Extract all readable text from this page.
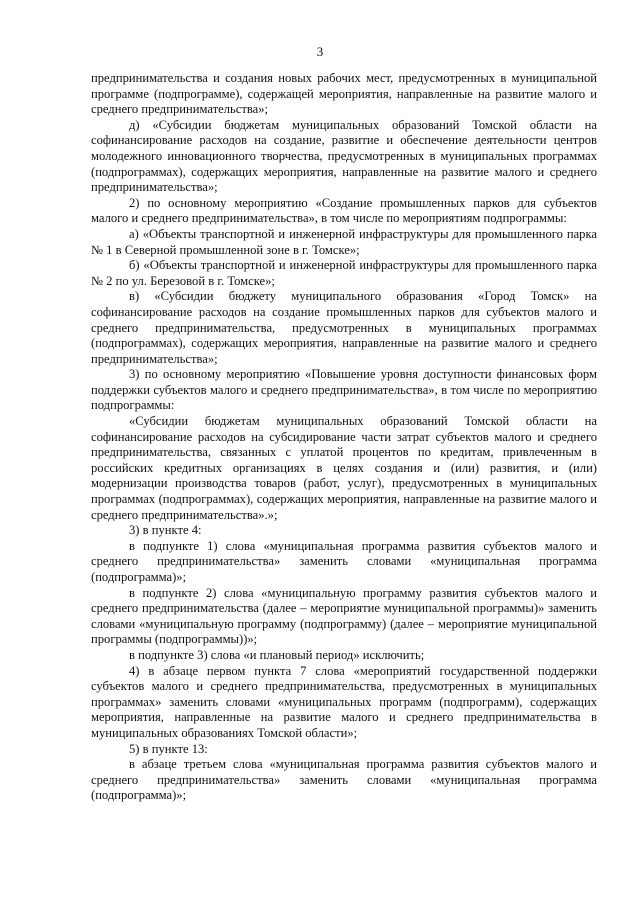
3

предпринимательства и создания новых рабочих мест, предусмотренных в муниципальной программе (подпрограмме), содержащей мероприятия, направленные на развитие малого и среднего предпринимательства»;

д) «Субсидии бюджетам муниципальных образований Томской области на софинансирование расходов на создание, развитие и обеспечение деятельности центров молодежного инновационного творчества, предусмотренных в муниципальных программах (подпрограммах), содержащих мероприятия, направленные на развитие малого и среднего предпринимательства»;

2) по основному мероприятию «Создание промышленных парков для субъектов малого и среднего предпринимательства», в том числе по мероприятиям подпрограммы:

а) «Объекты транспортной и инженерной инфраструктуры для промышленного парка № 1 в Северной промышленной зоне в г. Томске»;

б) «Объекты транспортной и инженерной инфраструктуры для промышленного парка № 2 по ул. Березовой в г. Томске»;

в) «Субсидии бюджету муниципального образования «Город Томск» на софинансирование расходов на создание промышленных парков для субъектов малого и среднего предпринимательства, предусмотренных в муниципальных программах (подпрограммах), содержащих мероприятия, направленные на развитие малого и среднего предпринимательства»;

3) по основному мероприятию «Повышение уровня доступности финансовых форм поддержки субъектов малого и среднего предпринимательства», в том числе по мероприятию подпрограммы:

«Субсидии бюджетам муниципальных образований Томской области на софинансирование расходов на субсидирование части затрат субъектов малого и среднего предпринимательства, связанных с уплатой процентов по кредитам, привлеченным в российских кредитных организациях в целях создания и (или) развития, и (или) модернизации производства товаров (работ, услуг), предусмотренных в муниципальных программах (подпрограммах), содержащих мероприятия, направленные на развитие малого и среднего предпринимательства».»;

3) в пункте 4:

в подпункте 1) слова «муниципальная программа развития субъектов малого и среднего предпринимательства» заменить словами «муниципальная программа (подпрограмма)»;

в подпункте 2) слова «муниципальную программу развития субъектов малого и среднего предпринимательства (далее – мероприятие муниципальной программы)» заменить словами «муниципальную программу (подпрограмму) (далее – мероприятие муниципальной программы (подпрограммы))»;

в подпункте 3) слова «и плановый период» исключить;

4) в абзаце первом пункта 7 слова «мероприятий государственной поддержки субъектов малого и среднего предпринимательства, предусмотренных в муниципальных программах» заменить словами «муниципальных программ (подпрограмм), содержащих мероприятия, направленные на развитие малого и среднего предпринимательства в муниципальных образованиях Томской области»;

5) в пункте 13:

в абзаце третьем слова «муниципальная программа развития субъектов малого и среднего предпринимательства» заменить словами «муниципальная программа (подпрограмма)»;
